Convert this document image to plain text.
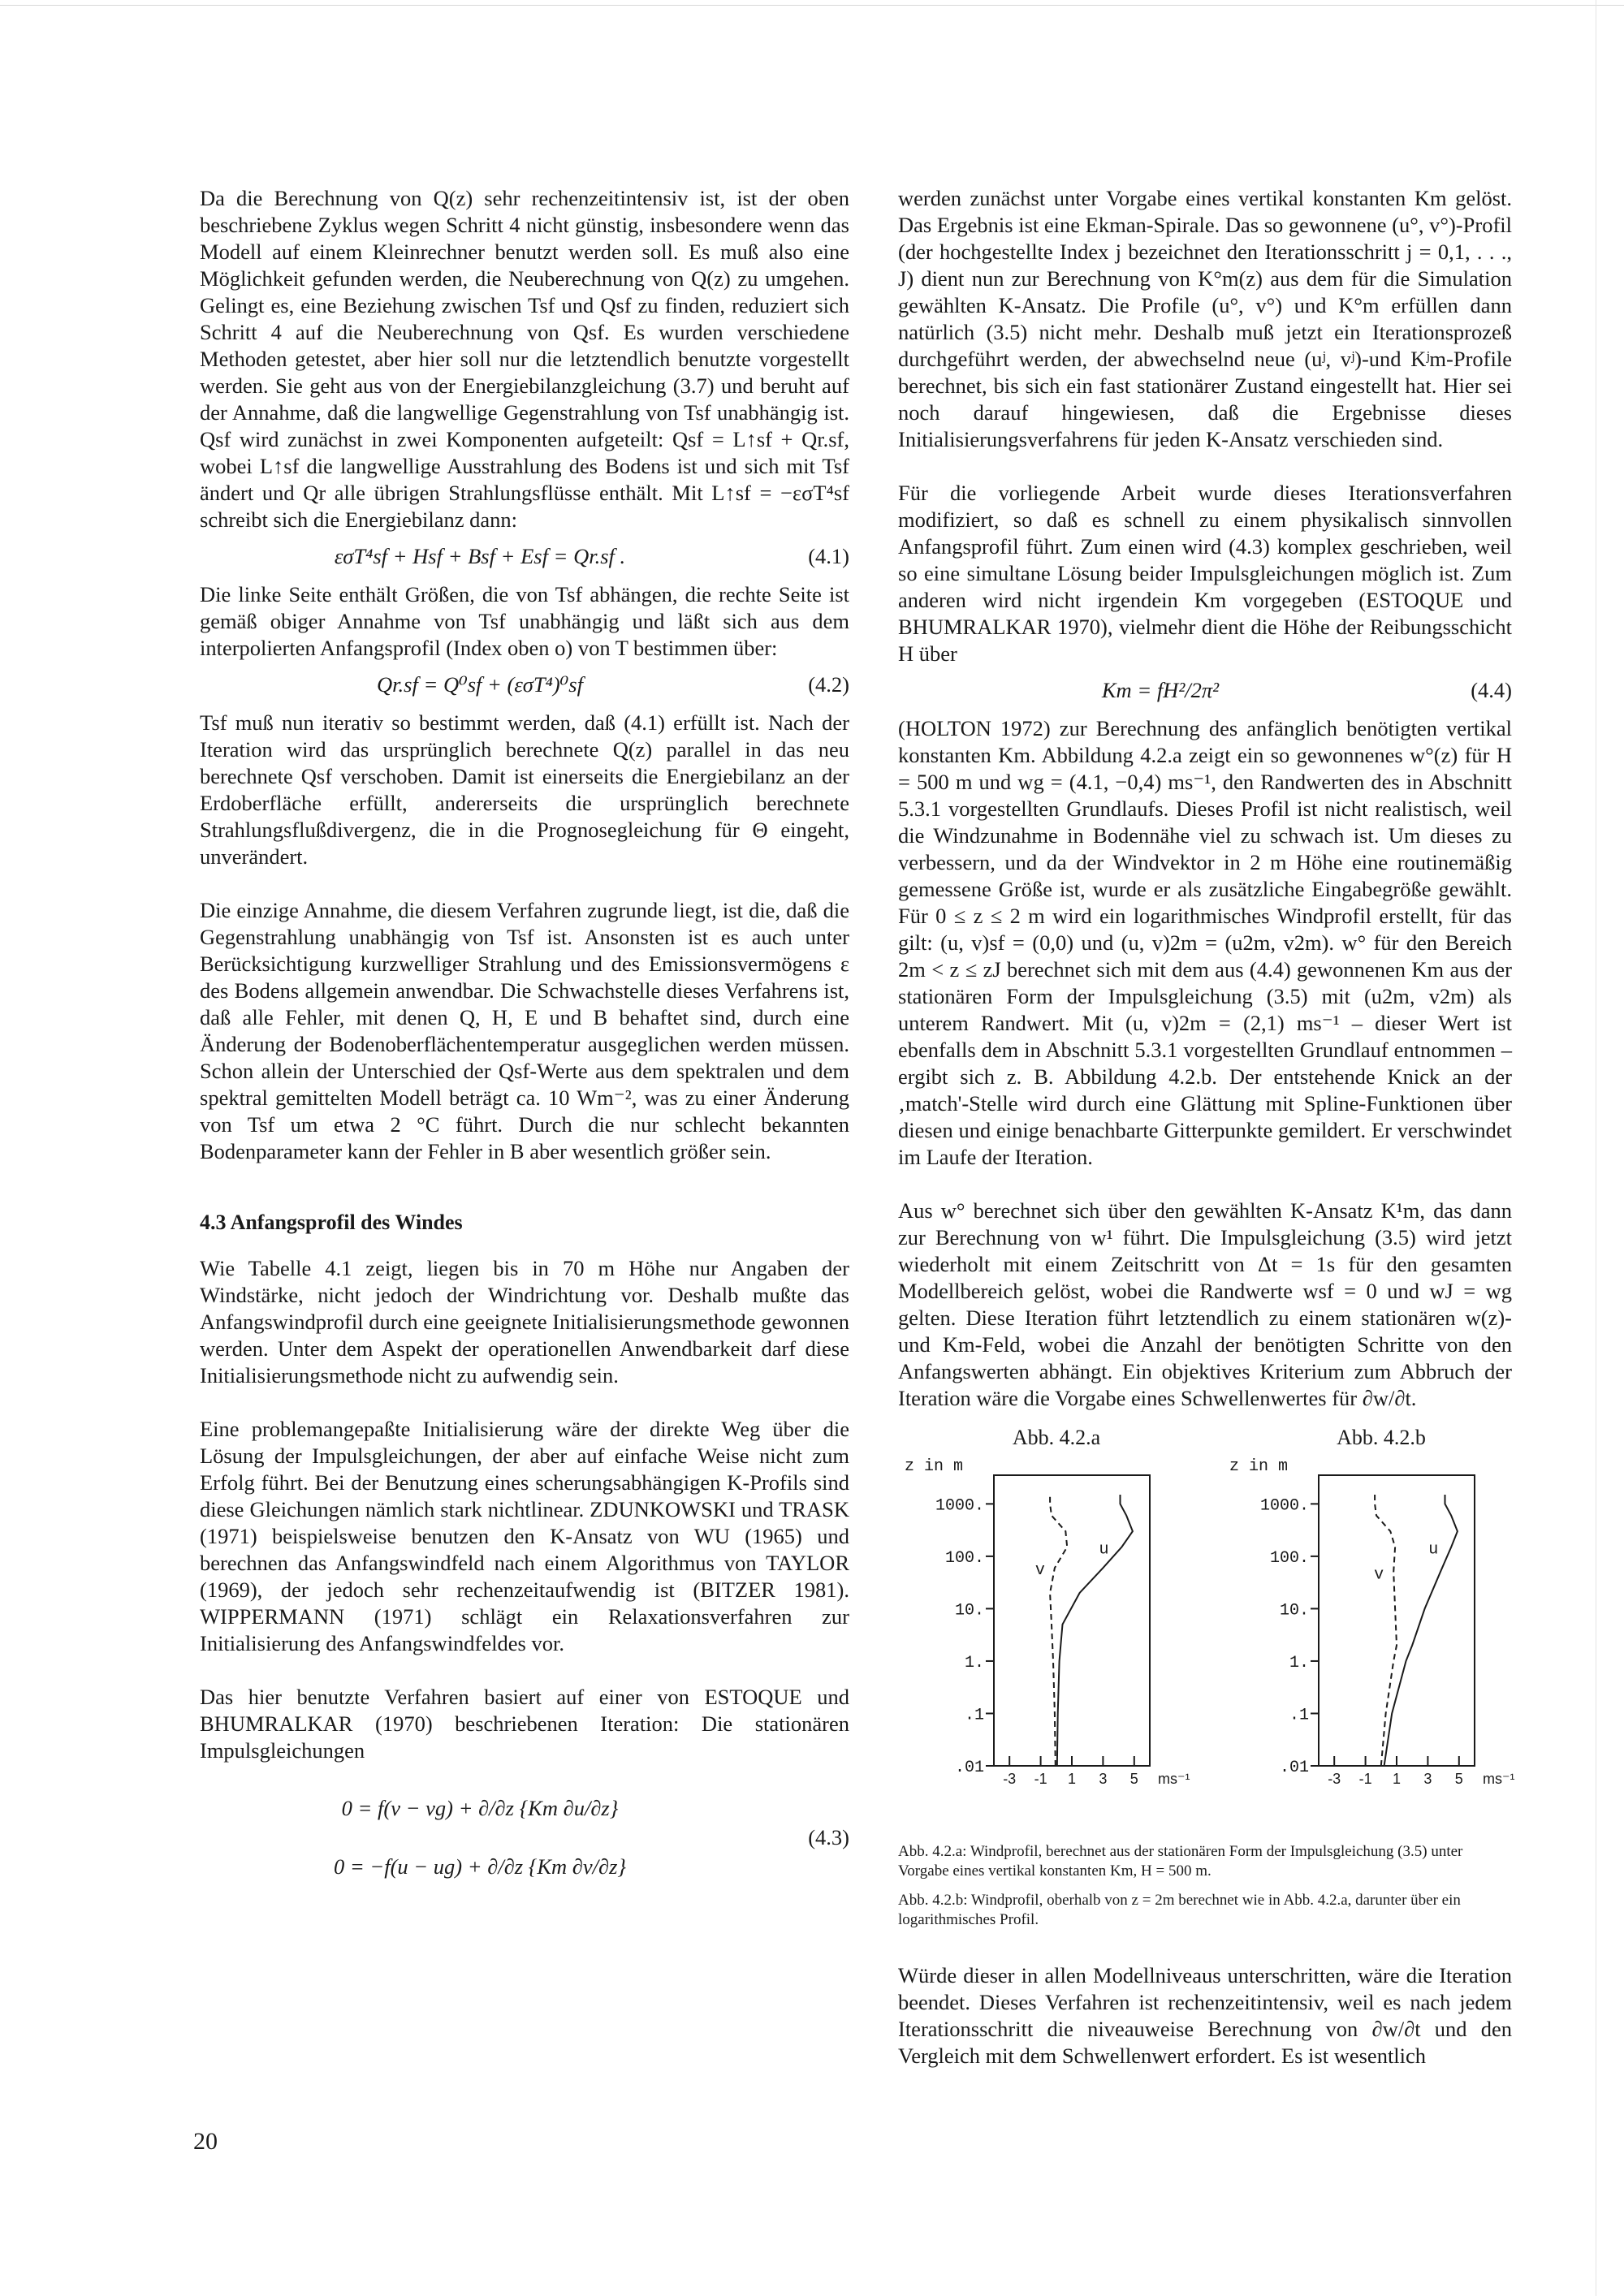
Da die Berechnung von Q(z) sehr rechenzeitintensiv ist, ist der oben beschriebene Zyklus wegen Schritt 4 nicht günstig, insbesondere wenn das Modell auf einem Kleinrechner benutzt werden soll. Es muß also eine Möglichkeit gefunden werden, die Neuberechnung von Q(z) zu umgehen. Gelingt es, eine Beziehung zwischen Tsf und Qsf zu finden, reduziert sich Schritt 4 auf die Neuberechnung von Qsf. Es wurden verschiedene Methoden getestet, aber hier soll nur die letztendlich benutzte vorgestellt werden. Sie geht aus von der Energiebilanzgleichung (3.7) und beruht auf der Annahme, daß die langwellige Gegenstrahlung von Tsf unabhängig ist. Qsf wird zunächst in zwei Komponenten aufgeteilt: Qsf = L↑sf + Qr.sf, wobei L↑sf die langwellige Ausstrahlung des Bodens ist und sich mit Tsf ändert und Qr alle übrigen Strahlungsflüsse enthält. Mit L↑sf = −εσT⁴sf schreibt sich die Energiebilanz dann:

εσT⁴sf + Hsf + Bsf + Esf = Qr.sf .	(4.1)

Die linke Seite enthält Größen, die von Tsf abhängen, die rechte Seite ist gemäß obiger Annahme von Tsf unabhängig und läßt sich aus dem interpolierten Anfangsprofil (Index oben o) von T bestimmen über:

Qr.sf = Q⁰sf + (εσT⁴)⁰sf	(4.2)

Tsf muß nun iterativ so bestimmt werden, daß (4.1) erfüllt ist. Nach der Iteration wird das ursprünglich berechnete Q(z) parallel in das neu berechnete Qsf verschoben. Damit ist einerseits die Energiebilanz an der Erdoberfläche erfüllt, andererseits die ursprünglich berechnete Strahlungsflußdivergenz, die in die Prognosegleichung für Θ eingeht, unverändert.

Die einzige Annahme, die diesem Verfahren zugrunde liegt, ist die, daß die Gegenstrahlung unabhängig von Tsf ist. Ansonsten ist es auch unter Berücksichtigung kurzwelliger Strahlung und des Emissionsvermögens ε des Bodens allgemein anwendbar. Die Schwachstelle dieses Verfahrens ist, daß alle Fehler, mit denen Q, H, E und B behaftet sind, durch eine Änderung der Bodenoberflächentemperatur ausgeglichen werden müssen. Schon allein der Unterschied der Qsf-Werte aus dem spektralen und dem spektral gemittelten Modell beträgt ca. 10 Wm⁻², was zu einer Änderung von Tsf um etwa 2 °C führt. Durch die nur schlecht bekannten Bodenparameter kann der Fehler in B aber wesentlich größer sein.

4.3 Anfangsprofil des Windes

Wie Tabelle 4.1 zeigt, liegen bis in 70 m Höhe nur Angaben der Windstärke, nicht jedoch der Windrichtung vor. Deshalb mußte das Anfangswindprofil durch eine geeignete Initialisierungsmethode gewonnen werden. Unter dem Aspekt der operationellen Anwendbarkeit darf diese Initialisierungsmethode nicht zu aufwendig sein.

Eine problemangepaßte Initialisierung wäre der direkte Weg über die Lösung der Impulsgleichungen, der aber auf einfache Weise nicht zum Erfolg führt. Bei der Benutzung eines scherungsabhängigen K-Profils sind diese Gleichungen nämlich stark nichtlinear. ZDUNKOWSKI und TRASK (1971) beispielsweise benutzen den K-Ansatz von WU (1965) und berechnen das Anfangswindfeld nach einem Algorithmus von TAYLOR (1969), der jedoch sehr rechenzeitaufwendig ist (BITZER 1981). WIPPERMANN (1971) schlägt ein Relaxationsverfahren zur Initialisierung des Anfangswindfeldes vor.

Das hier benutzte Verfahren basiert auf einer von ESTOQUE und BHUMRALKAR (1970) beschriebenen Iteration: Die stationären Impulsgleichungen

0 = f(v − vg) + ∂/∂z {Km ∂u/∂z}
0 = −f(u − ug) + ∂/∂z {Km ∂v/∂z}
(4.3)

werden zunächst unter Vorgabe eines vertikal konstanten Km gelöst. Das Ergebnis ist eine Ekman-Spirale. Das so gewonnene (u°, v°)-Profil (der hochgestellte Index j bezeichnet den Iterationsschritt j = 0,1, . . ., J) dient nun zur Berechnung von K°m(z) aus dem für die Simulation gewählten K-Ansatz. Die Profile (u°, v°) und K°m erfüllen dann natürlich (3.5) nicht mehr. Deshalb muß jetzt ein Iterationsprozeß durchgeführt werden, der abwechselnd neue (uʲ, vʲ)-und Kʲm-Profile berechnet, bis sich ein fast stationärer Zustand eingestellt hat. Hier sei noch darauf hingewiesen, daß die Ergebnisse dieses Initialisierungsverfahrens für jeden K-Ansatz verschieden sind.

Für die vorliegende Arbeit wurde dieses Iterationsverfahren modifiziert, so daß es schnell zu einem physikalisch sinnvollen Anfangsprofil führt. Zum einen wird (4.3) komplex geschrieben, weil so eine simultane Lösung beider Impulsgleichungen möglich ist. Zum anderen wird nicht irgendein Km vorgegeben (ESTOQUE und BHUMRALKAR 1970), vielmehr dient die Höhe der Reibungsschicht H über

Km = fH²/2π²	(4.4)

(HOLTON 1972) zur Berechnung des anfänglich benötigten vertikal konstanten Km. Abbildung 4.2.a zeigt ein so gewonnenes w°(z) für H = 500 m und wg = (4.1, −0,4) ms⁻¹, den Randwerten des in Abschnitt 5.3.1 vorgestellten Grundlaufs. Dieses Profil ist nicht realistisch, weil die Windzunahme in Bodennähe viel zu schwach ist. Um dieses zu verbessern, und da der Windvektor in 2 m Höhe eine routinemäßig gemessene Größe ist, wurde er als zusätzliche Eingabegröße gewählt. Für 0 ≤ z ≤ 2 m wird ein logarithmisches Windprofil erstellt, für das gilt: (u, v)sf = (0,0) und (u, v)2m = (u2m, v2m). w° für den Bereich 2m < z ≤ zJ berechnet sich mit dem aus (4.4) gewonnenen Km aus der stationären Form der Impulsgleichung (3.5) mit (u2m, v2m) als unterem Randwert. Mit (u, v)2m = (2,1) ms⁻¹ – dieser Wert ist ebenfalls dem in Abschnitt 5.3.1 vorgestellten Grundlauf entnommen – ergibt sich z. B. Abbildung 4.2.b. Der entstehende Knick an der ‚match'-Stelle wird durch eine Glättung mit Spline-Funktionen über diesen und einige benachbarte Gitterpunkte gemildert. Er verschwindet im Laufe der Iteration.

Aus w° berechnet sich über den gewählten K-Ansatz K¹m, das dann zur Berechnung von w¹ führt. Die Impulsgleichung (3.5) wird jetzt wiederholt mit einem Zeitschritt von Δt = 1s für den gesamten Modellbereich gelöst, wobei die Randwerte wsf = 0 und wJ = wg gelten. Diese Iteration führt letztendlich zu einem stationären w(z)- und Km-Feld, wobei die Anzahl der benötigten Schritte von den Anfangswerten abhängt. Ein objektives Kriterium zum Abbruch der Iteration wäre die Vorgabe eines Schwellenwertes für ∂w/∂t.

Abb. 4.2.a
z in m
1000.
100.
10.
1.
.1
.01
-3 -1 1 3 5 ms⁻¹
u
v
Abb. 4.2.b
z in m
1000.
100.
10.
1.
.1
.01
-3 -1 1 3 5 ms⁻¹
u
v

Abb. 4.2.a: Windprofil, berechnet aus der stationären Form der Impulsgleichung (3.5) unter Vorgabe eines vertikal konstanten Km, H = 500 m.

Abb. 4.2.b: Windprofil, oberhalb von z = 2m berechnet wie in Abb. 4.2.a, darunter über ein logarithmisches Profil.

Würde dieser in allen Modellniveaus unterschritten, wäre die Iteration beendet. Dieses Verfahren ist rechenzeitintensiv, weil es nach jedem Iterationsschritt die niveauweise Berechnung von ∂w/∂t und den Vergleich mit dem Schwellenwert erfordert. Es ist wesentlich

20
